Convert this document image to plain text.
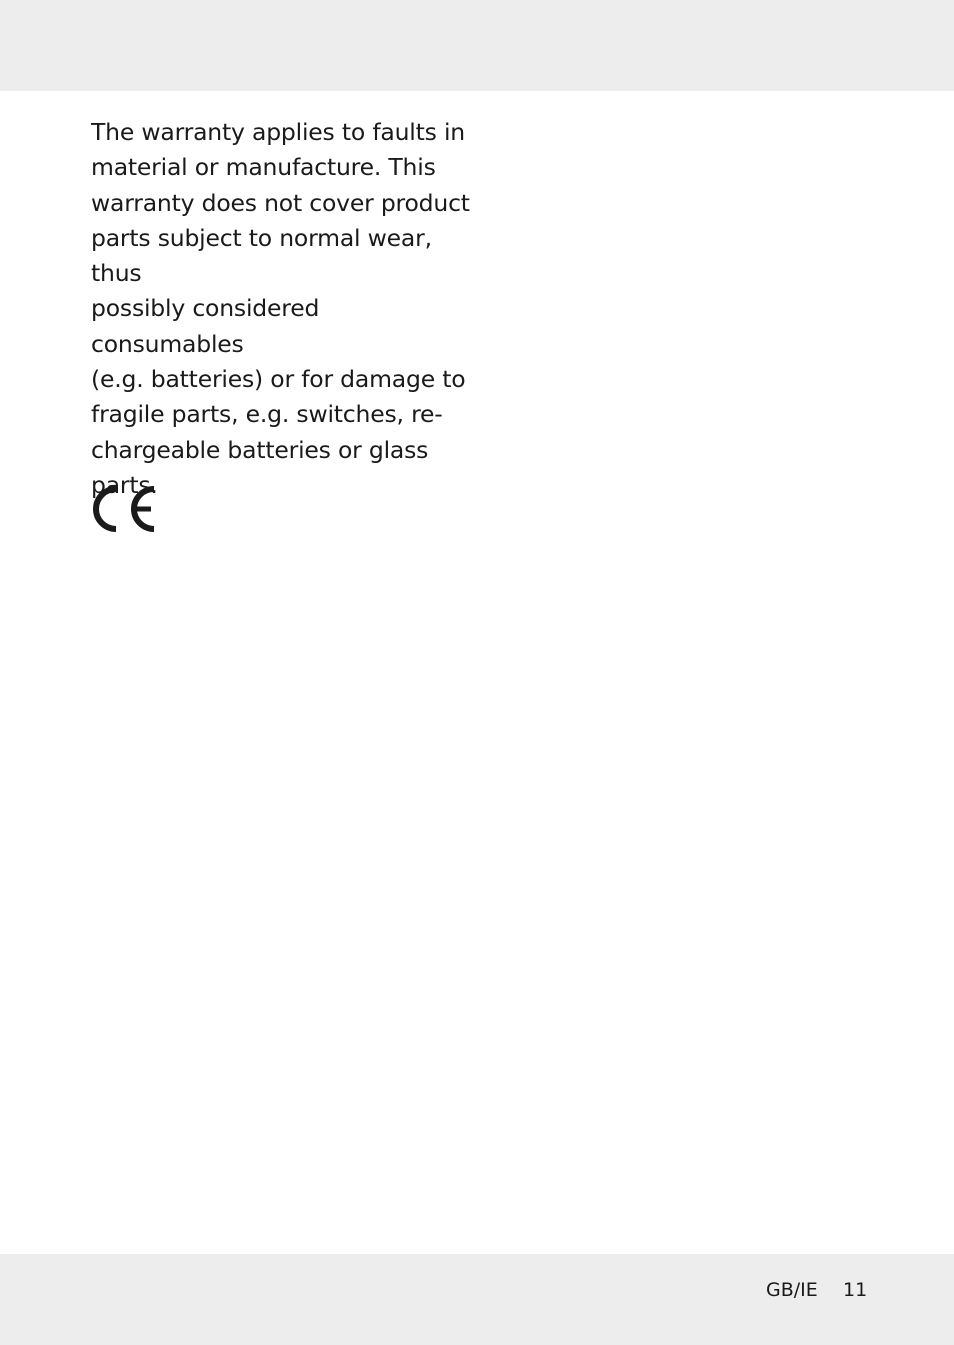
The warranty applies to faults in
material or manufacture. This
warranty does not cover product
parts subject to normal wear, thus
possibly considered consumables
(e.g. batteries) or for damage to
fragile parts, e.g. switches, re-
chargeable batteries or glass
parts.

GB/IE 11
